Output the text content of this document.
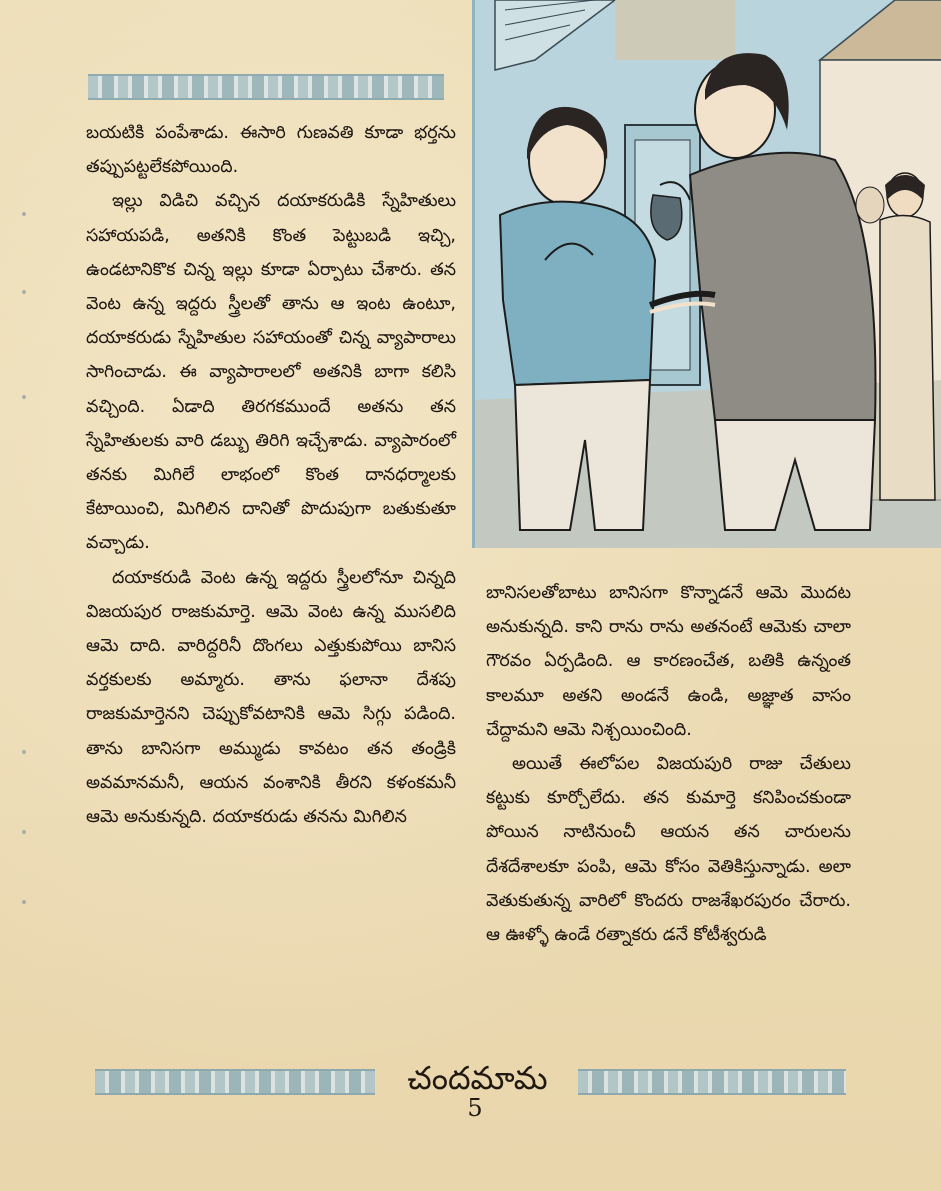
బయటికి పంపేశాడు. ఈసారి గుణవతి కూడా భర్తను తప్పుపట్టలేకపోయింది.

ఇల్లు విడిచి వచ్చిన దయాకరుడికి స్నేహితులు సహాయపడి, అతనికి కొంత పెట్టుబడి ఇచ్చి, ఉండటానికొక చిన్న ఇల్లు కూడా ఏర్పాటు చేశారు. తన వెంట ఉన్న ఇద్దరు స్త్రీలతో తాను ఆ ఇంట ఉంటూ, దయాకరుడు స్నేహితుల సహాయంతో చిన్న వ్యాపారాలు సాగించాడు. ఈ వ్యాపారాలలో అతనికి బాగా కలిసి వచ్చింది. ఏడాది తిరగకముందే అతను తన స్నేహితులకు వారి డబ్బు తిరిగి ఇచ్చేశాడు. వ్యాపారంలో తనకు మిగిలే లాభంలో కొంత దానధర్మాలకు కేటాయించి, మిగిలిన దానితో పొదుపుగా బతుకుతూ వచ్చాడు.

దయాకరుడి వెంట ఉన్న ఇద్దరు స్త్రీలలోనూ చిన్నది విజయపుర రాజకుమార్తె. ఆమె వెంట ఉన్న ముసలిది ఆమె దాది. వారిద్దరినీ దొంగలు ఎత్తుకుపోయి బానిస వర్తకులకు అమ్మారు. తాను ఫలానా దేశపు రాజకుమార్తెనని చెప్పుకోవటానికి ఆమె సిగ్గు పడింది. తాను బానిసగా అమ్ముడు కావటం తన తండ్రికి అవమానమనీ, ఆయన వంశానికి తీరని కళంకమనీ ఆమె అనుకున్నది. దయాకరుడు తనను మిగిలిన

బానిసలతోబాటు బానిసగా కొన్నాడనే ఆమె మొదట అనుకున్నది. కాని రాను రాను అతనంటే ఆమెకు చాలా గౌరవం ఏర్పడింది. ఆ కారణంచేత, బతికి ఉన్నంత కాలమూ అతని అండనే ఉండి, అజ్ఞాత వాసం చేద్దామని ఆమె నిశ్చయించింది.

అయితే ఈలోపల విజయపురి రాజు చేతులు కట్టుకు కూర్చోలేదు. తన కుమార్తె కనిపించకుండా పోయిన నాటినుంచీ ఆయన తన చారులను దేశదేశాలకూ పంపి, ఆమె కోసం వెతికిస్తున్నాడు. అలా వెతుకుతున్న వారిలో కొందరు రాజశేఖరపురం చేరారు. ఆ ఊళ్ళో ఉండే రత్నాకరు డనే కోటీశ్వరుడి

చందమామ
5
